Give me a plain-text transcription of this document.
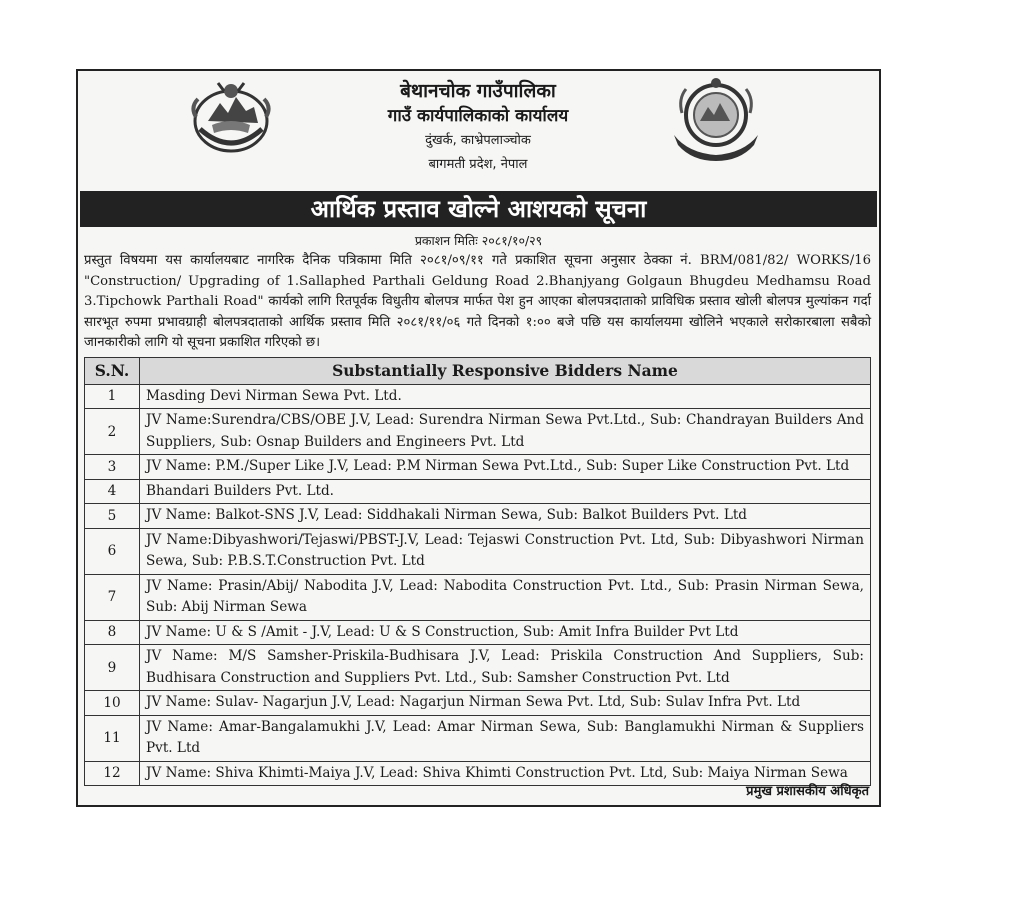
बेथानचोक गाउँपालिका
गाउँ कार्यपालिकाको कार्यालय
दुंखर्क, काभ्रेपलाञ्चोक
बागमती प्रदेश, नेपाल
आर्थिक प्रस्ताव खोल्ने आशयको सूचना
प्रकाशन मितिः २०८१/१०/२९
प्रस्तुत विषयमा यस कार्यालयबाट नागरिक दैनिक पत्रिकामा मिति २०८१/०९/११ गते प्रकाशित सूचना अनुसार ठेक्का नं. BRM/081/82/ WORKS/16 "Construction/ Upgrading of 1.Sallaphed Parthali Geldung Road 2.Bhanjyang Golgaun Bhugdeu Medhamsu Road 3.Tipchowk Parthali Road" कार्यको लागि रितपूर्वक विधुतीय बोलपत्र मार्फत पेश हुन आएका बोलपत्रदाताको प्राविधिक प्रस्ताव खोली बोलपत्र मुल्यांकन गर्दा सारभूत रुपमा प्रभावग्राही बोलपत्रदाताको आर्थिक प्रस्ताव मिति २०८१/११/०६ गते दिनको १:०० बजे पछि यस कार्यालयमा खोलिने भएकाले सरोकारबाला सबैको जानकारीको लागि यो सूचना प्रकाशित गरिएको छ।
S.N.	Substantially Responsive Bidders Name
1	Masding Devi Nirman Sewa Pvt. Ltd.
2	JV Name:Surendra/CBS/OBE J.V, Lead: Surendra Nirman Sewa Pvt.Ltd., Sub: Chandrayan Builders And Suppliers, Sub: Osnap Builders and Engineers Pvt. Ltd
3	JV Name: P.M./Super Like J.V, Lead: P.M Nirman Sewa Pvt.Ltd., Sub: Super Like Construction Pvt. Ltd
4	Bhandari Builders Pvt. Ltd.
5	JV Name: Balkot-SNS J.V, Lead: Siddhakali Nirman Sewa, Sub: Balkot Builders Pvt. Ltd
6	JV Name:Dibyashwori/Tejaswi/PBST-J.V, Lead: Tejaswi Construction Pvt. Ltd, Sub: Dibyashwori Nirman Sewa, Sub: P.B.S.T.Construction Pvt. Ltd
7	JV Name: Prasin/Abij/ Nabodita J.V, Lead: Nabodita Construction Pvt. Ltd., Sub: Prasin Nirman Sewa, Sub: Abij Nirman Sewa
8	JV Name: U & S /Amit - J.V, Lead: U & S Construction, Sub: Amit Infra Builder Pvt Ltd
9	JV Name: M/S Samsher-Priskila-Budhisara J.V, Lead: Priskila Construction And Suppliers, Sub: Budhisara Construction and Suppliers Pvt. Ltd., Sub: Samsher Construction Pvt. Ltd
10	JV Name: Sulav- Nagarjun J.V, Lead: Nagarjun Nirman Sewa Pvt. Ltd, Sub: Sulav Infra Pvt. Ltd
11	JV Name: Amar-Bangalamukhi J.V, Lead: Amar Nirman Sewa, Sub: Banglamukhi Nirman & Suppliers Pvt. Ltd
12	JV Name: Shiva Khimti-Maiya J.V, Lead: Shiva Khimti Construction Pvt. Ltd, Sub: Maiya Nirman Sewa
प्रमुख प्रशासकीय अधिकृत
